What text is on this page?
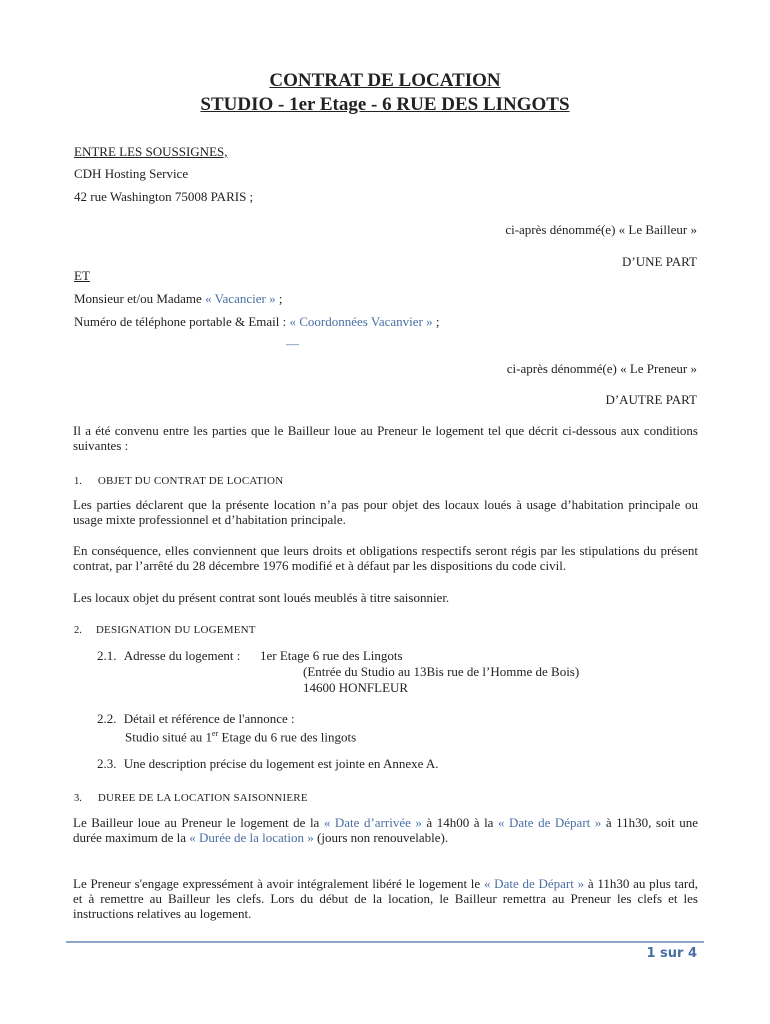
CONTRAT DE LOCATION
STUDIO - 1er Etage - 6 RUE DES LINGOTS
ENTRE LES SOUSSIGNES,
CDH Hosting Service
42 rue Washington 75008 PARIS ;
ci-après dénommé(e) « Le Bailleur »
D’UNE PART
ET
Monsieur et/ou Madame « Vacancier » ;
Numéro de téléphone portable & Email : « Coordonnées Vacanvier » ;
—
ci-après dénommé(e) « Le Preneur »
D’AUTRE PART
Il a été convenu entre les parties que le Bailleur loue au Preneur le logement tel que décrit ci-dessous aux conditions suivantes :
1. OBJET DU CONTRAT DE LOCATION
Les parties déclarent que la présente location n’a pas pour objet des locaux loués à usage d’habitation principale ou usage mixte professionnel et d’habitation principale.
En conséquence, elles conviennent que leurs droits et obligations respectifs seront régis par les stipulations du présent contrat, par l’arrêté du 28 décembre 1976 modifié et à défaut par les dispositions du code civil.
Les locaux objet du présent contrat sont loués meublés à titre saisonnier.
2. DESIGNATION DU LOGEMENT
2.1. Adresse du logement : 1er Etage 6 rue des Lingots
(Entrée du Studio au 13Bis rue de l’Homme de Bois)
14600 HONFLEUR
2.2. Détail et référence de l'annonce :
Studio situé au 1er Etage du 6 rue des lingots
2.3. Une description précise du logement est jointe en Annexe A.
3. DUREE DE LA LOCATION SAISONNIERE
Le Bailleur loue au Preneur le logement de la « Date d’arrivée » à 14h00 à la « Date de Départ » à 11h30, soit une durée maximum de la « Durée de la location » (jours non renouvelable).
Le Preneur s'engage expressément à avoir intégralement libéré le logement le « Date de Départ » à 11h30 au plus tard, et à remettre au Bailleur les clefs. Lors du début de la location, le Bailleur remettra au Preneur les clefs et les instructions relatives au logement.
1 sur 4
